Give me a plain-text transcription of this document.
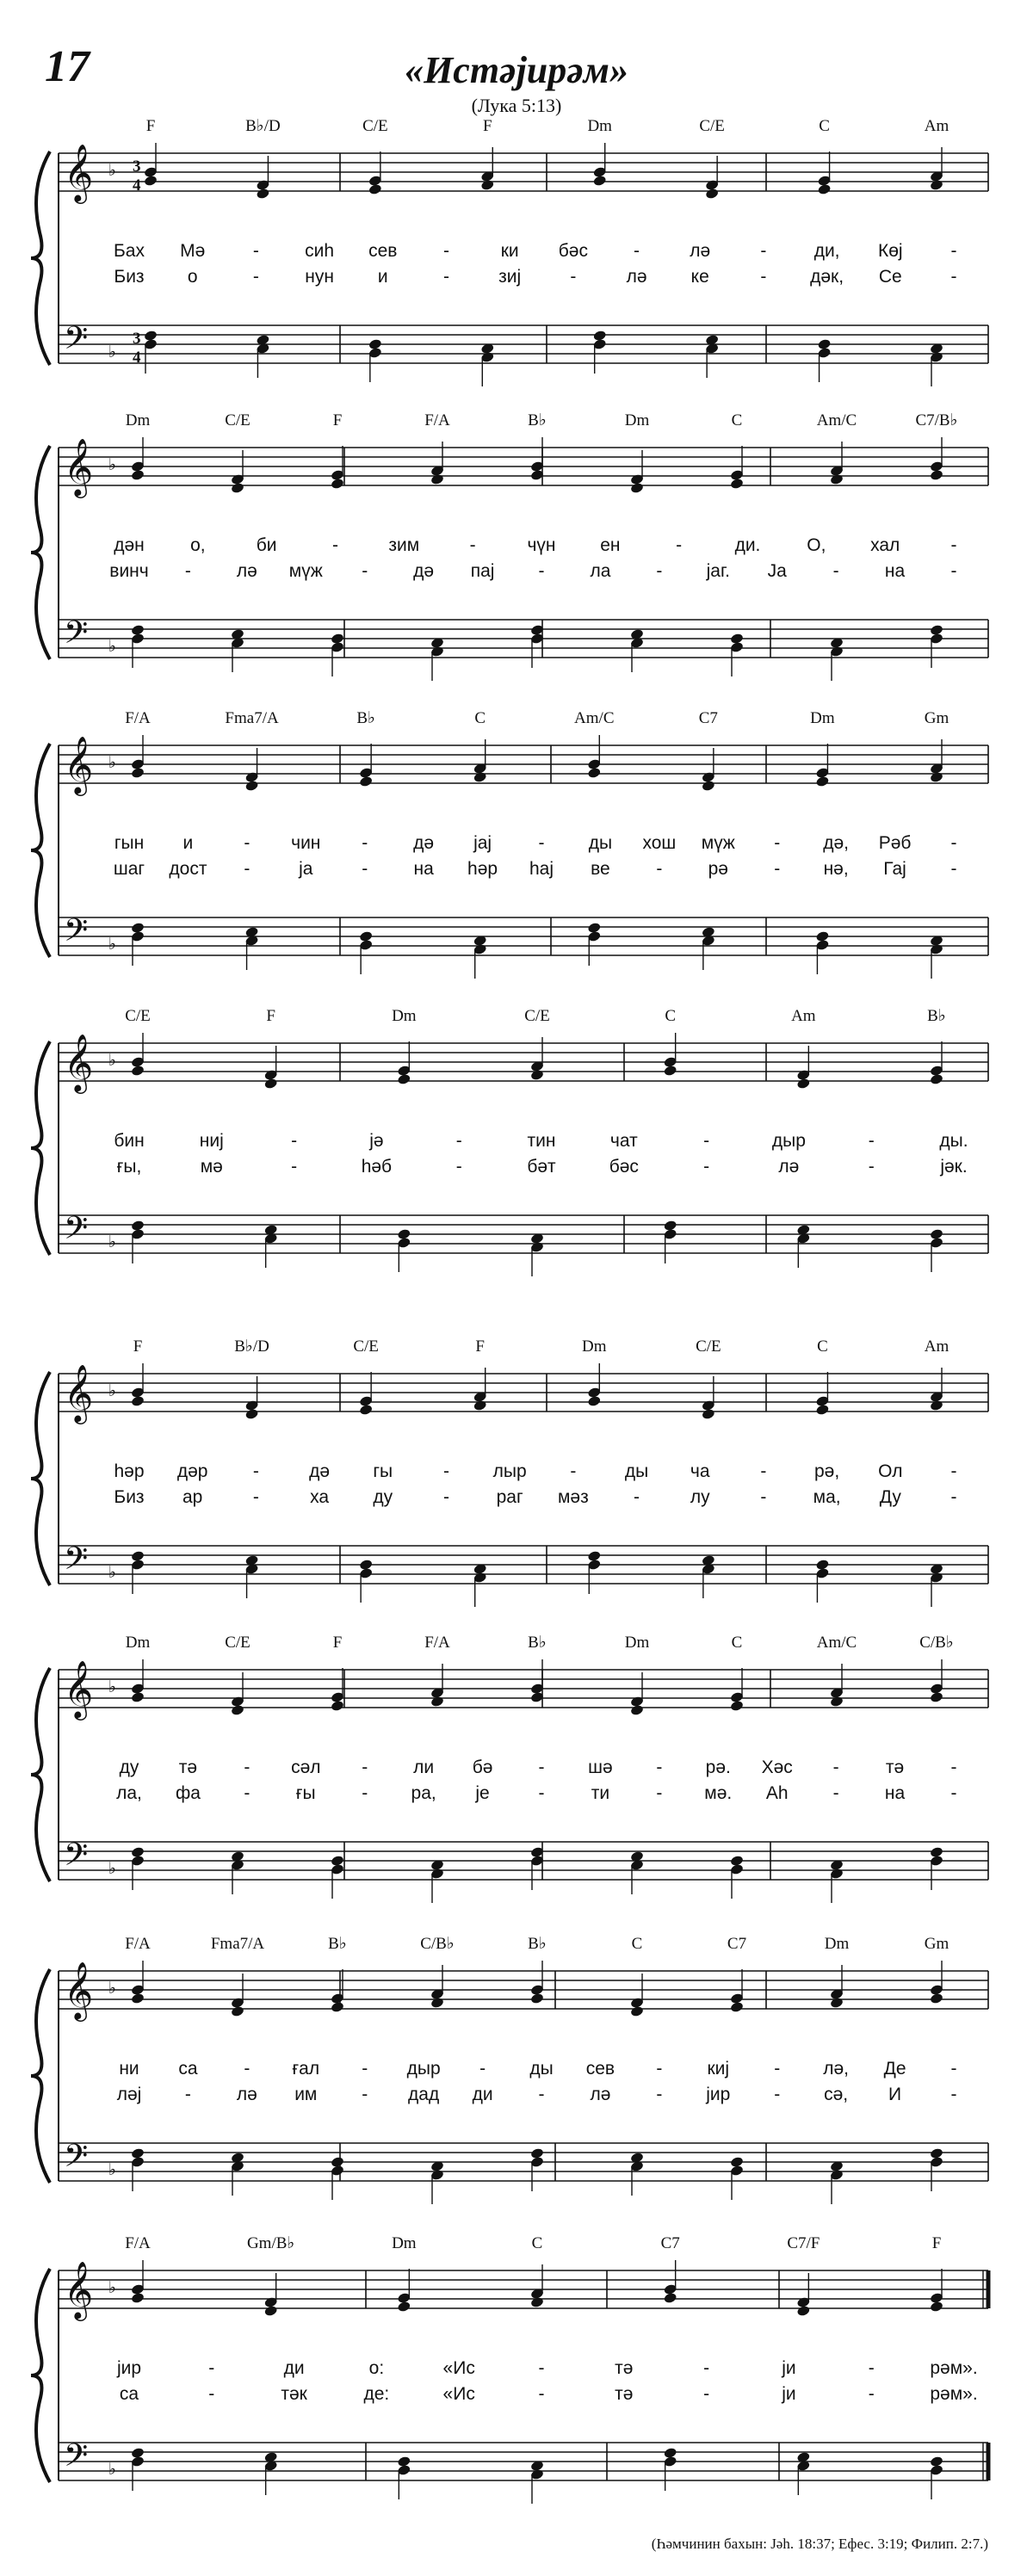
𝄞
𝄢
♭
♭
3
4
3
4
F	B♭/D	C/E	F	Dm	C/E	C	Am
Бах Мә	-	сиһ сев	-	ки бәс	-	лә	-	ди, Көј	-
Биз о	-	нун и	-	зиј	-	лә ке	- дәк, Се	-
𝄞
𝄢
♭
♭
Dm	C/E	F	F/A	B♭	Dm	C	Am/C	C7/B♭
дән	о,	би	-	зим	-	чүн ен	-	ди.	О, хал	-
винч -	лә мүж -	дә пај -	ла	- јаг. Ја	-	на	-
𝄞
𝄢
♭
♭
F/A	Fma7/A	B♭	C	Am/C	C7	Dm	Gm
гын и	- чин -	дә јај	- ды хош мүж - дә, Рәб -
шаг дост -	ја	-	на һәр һај ве	-	рә	- нә, Гај -
𝄞
𝄢
♭
♭
C/E	F	Dm	C/E	C	Am	B♭
бин	ниј	-	јә	-	тин	чат	-	дыр	-	ды.
ғы,	мә	-	һәб	-	бәт	бәс	-	лә	-	јәк.
𝄞
𝄢
♭
♭
F	B♭/D	C/E	F	Dm	C/E	C	Am
һәр дәр -	дә гы	- лыр -	ды ча	-	рә, Ол	-
Биз ар	-	ха ду	-	раг мәз -	лу	-	ма, Ду	-
𝄞
𝄢
♭
♭
Dm	C/E	F	F/A	B♭	Dm	C	Am/C	C/B♭
ду тә	- сәл -	ли бә	- шә - рә. Хәс -	тә	-
ла, фа -	ғы	- ра, је	-	ти	- мә. Аһ -	на	-
𝄞
𝄢
♭
♭
F/A	Fma7/A	B♭	C/B♭	B♭	C	C7	Dm	Gm
ни са	- ғал - дыр - ды сев - киј - лә, Де -
ләј -	лә им - дад ди	-	лә	- јир - сә, И	-
𝄞
𝄢
♭
♭
F/A	Gm/B♭	Dm	C	C7	C7/F	F
јир	-	ди	о:	«Ис	-	тә	-	ји	-	рәм».
са	-	тәк	де:	«Ис	-	тә	-	ји	-	рәм».
17	«Истәјирәм»
(Лука 5:13)
(Һәмчинин бахын: Јәһ. 18:37; Ефес. 3:19; Филип. 2:7.)
